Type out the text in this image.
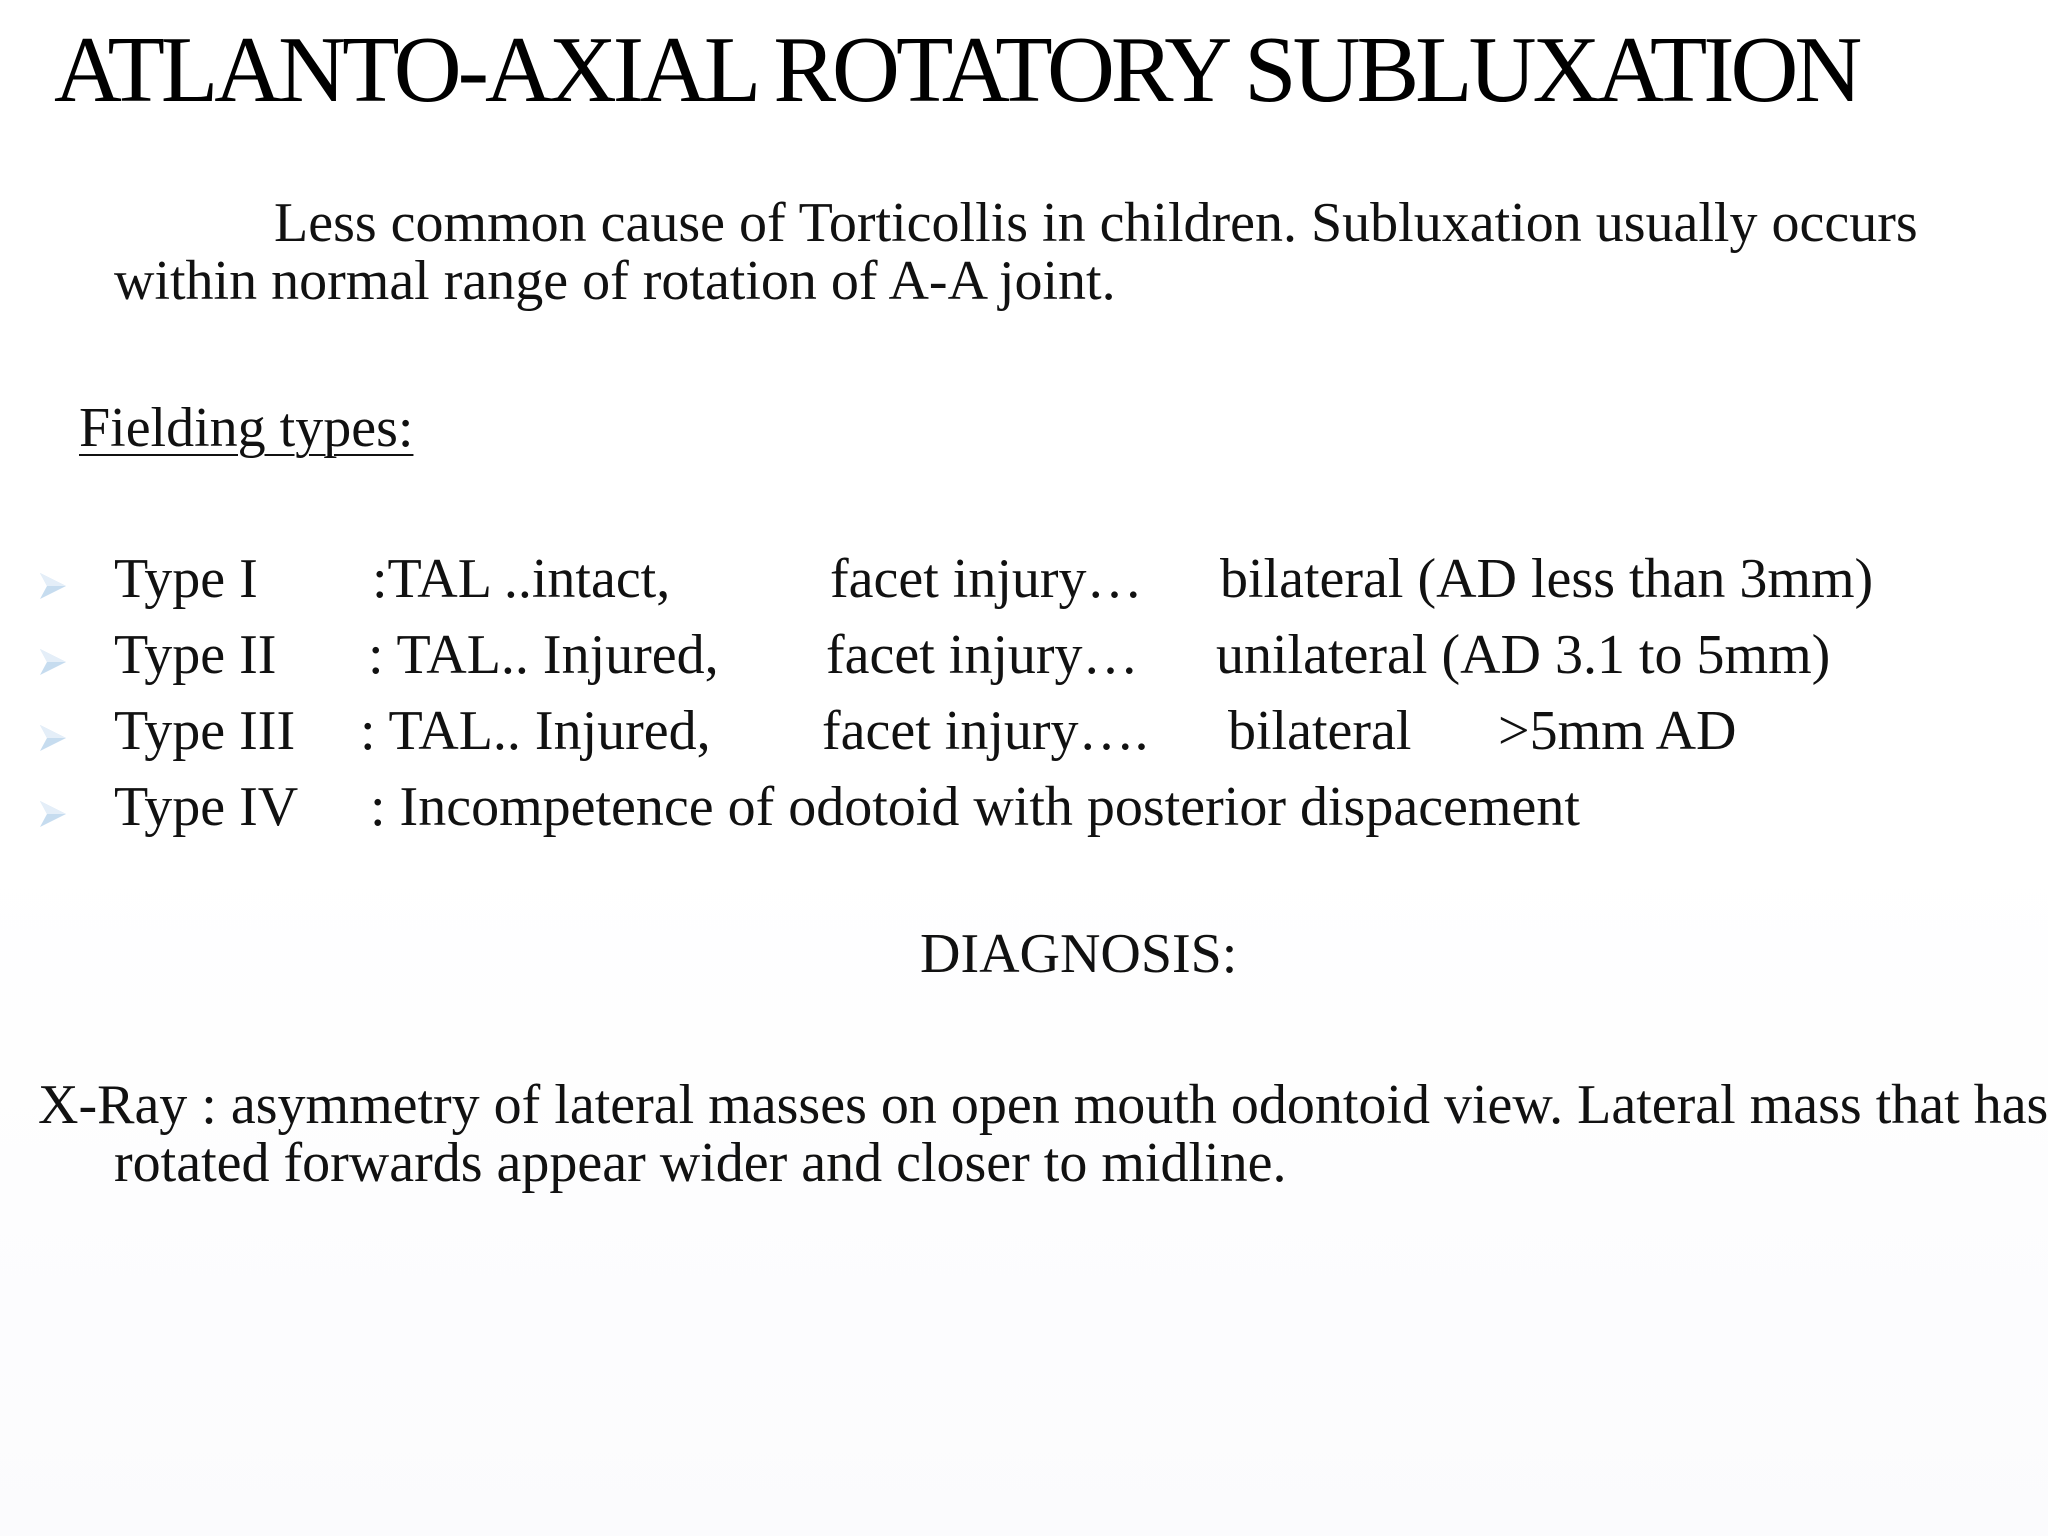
ATLANTO-AXIAL ROTATORY SUBLUXATION
Less common cause of Torticollis in children. Subluxation usually occurs within normal range of rotation of A-A joint.
Fielding types:
Type I :TAL ..intact,	facet injury… bilateral (AD less than 3mm)
Type II : TAL.. Injured, facet injury… unilateral (AD 3.1 to 5mm)
Type III : TAL.. Injured, facet injury…. bilateral >5mm AD
Type IV : Incompetence of odotoid with posterior dispacement
DIAGNOSIS:
X-Ray : asymmetry of lateral masses on open mouth odontoid view. Lateral mass that has rotated forwards appear wider and closer to midline.
